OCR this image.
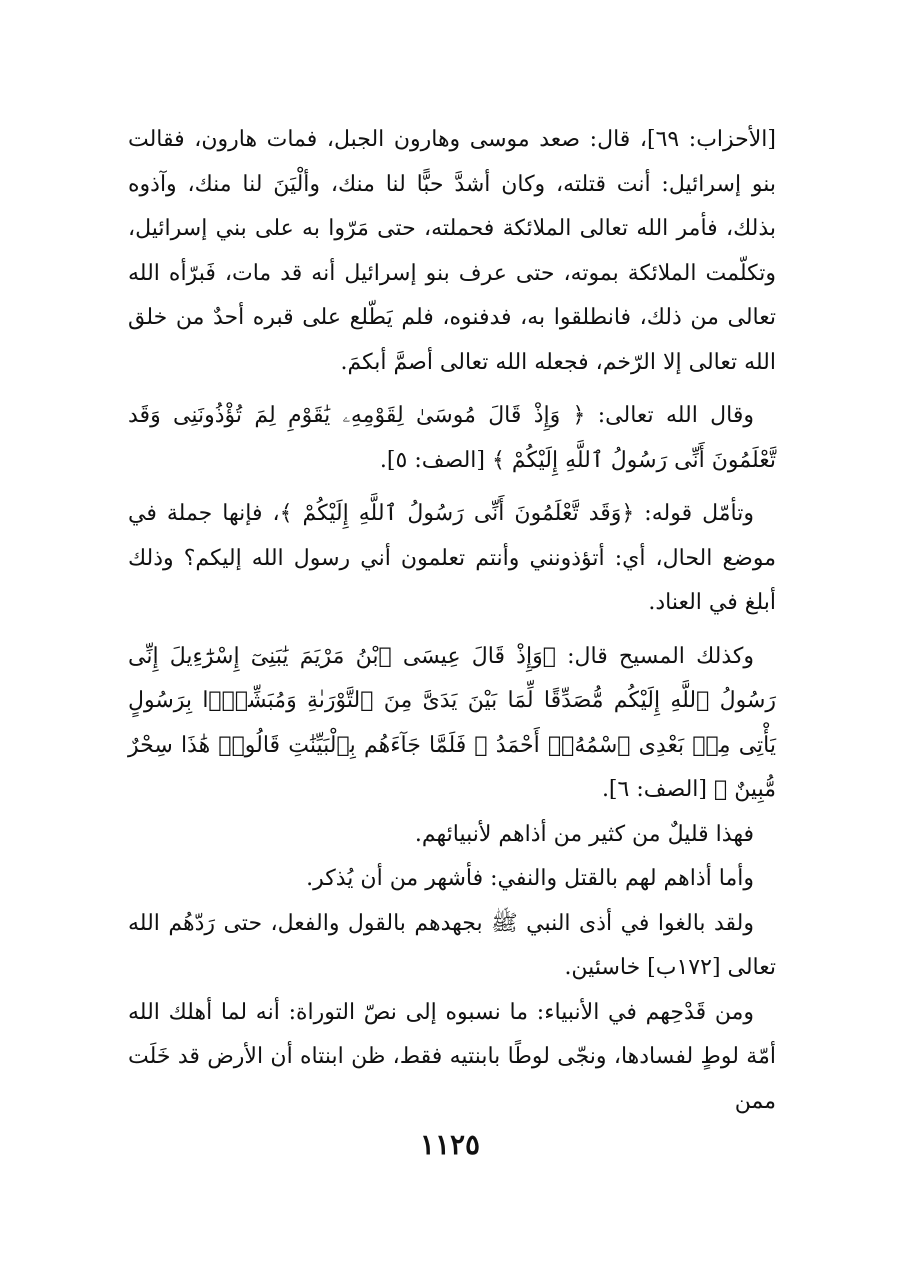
[الأحزاب: ٦٩]، قال: صعد موسى وهارون الجبل، فمات هارون، فقالت بنو إسرائيل: أنت قتلته، وكان أشدَّ حبًّا لنا منك، وألْيَنَ لنا منك، وآذوه بذلك، فأمر الله تعالى الملائكة فحملته، حتى مَرّوا به على بني إسرائيل، وتكلّمت الملائكة بموته، حتى عرف بنو إسرائيل أنه قد مات، فَبرّأه الله تعالى من ذلك، فانطلقوا به، فدفنوه، فلم يَطّلع على قبره أحدٌ من خلق الله تعالى إلا الرّخم، فجعله الله تعالى أصمَّ أبكمَ.

وقال الله تعالى: ﴿ وَإِذْ قَالَ مُوسَىٰ لِقَوْمِهِۦ يَٰقَوْمِ لِمَ تُؤْذُونَنِى وَقَد تَّعْلَمُونَ أَنِّى رَسُولُ ٱللَّهِ إِلَيْكُمْ ﴾ [الصف: ٥].

وتأمّل قوله: ﴿وَقَد تَّعْلَمُونَ أَنِّى رَسُولُ ٱللَّهِ إِلَيْكُمْ ﴾، فإنها جملة في موضع الحال، أي: أتؤذونني وأنتم تعلمون أني رسول الله إليكم؟ وذلك أبلغ في العناد.

وكذلك المسيح قال: ﴿وَإِذْ قَالَ عِيسَى ٱبْنُ مَرْيَمَ يَٰبَنِىٓ إِسْرَٰٓءِيلَ إِنِّى رَسُولُ ٱللَّهِ إِلَيْكُم مُّصَدِّقًا لِّمَا بَيْنَ يَدَىَّ مِنَ ٱلتَّوْرَىٰةِ وَمُبَشِّرًۢا بِرَسُولٍ يَأْتِى مِنۢ بَعْدِى ٱسْمُهُۥٓ أَحْمَدُ ۖ فَلَمَّا جَآءَهُم بِٱلْبَيِّنَٰتِ قَالُوا۟ هَٰذَا سِحْرٌ مُّبِينٌ ﴾ [الصف: ٦].

فهذا قليلٌ من كثير من أذاهم لأنبيائهم.

وأما أذاهم لهم بالقتل والنفي: فأشهر من أن يُذكر.

ولقد بالغوا في أذى النبي ﷺ بجهدهم بالقول والفعل، حتى رَدّهُم الله تعالى [١٧٢ب] خاسئين.

ومن قَدْحِهم في الأنبياء: ما نسبوه إلى نصّ التوراة: أنه لما أهلك الله أمّة لوطٍ لفسادها، ونجّى لوطًا بابنتيه فقط، ظن ابنتاه أن الأرض قد خَلَت ممن

١١٢٥
